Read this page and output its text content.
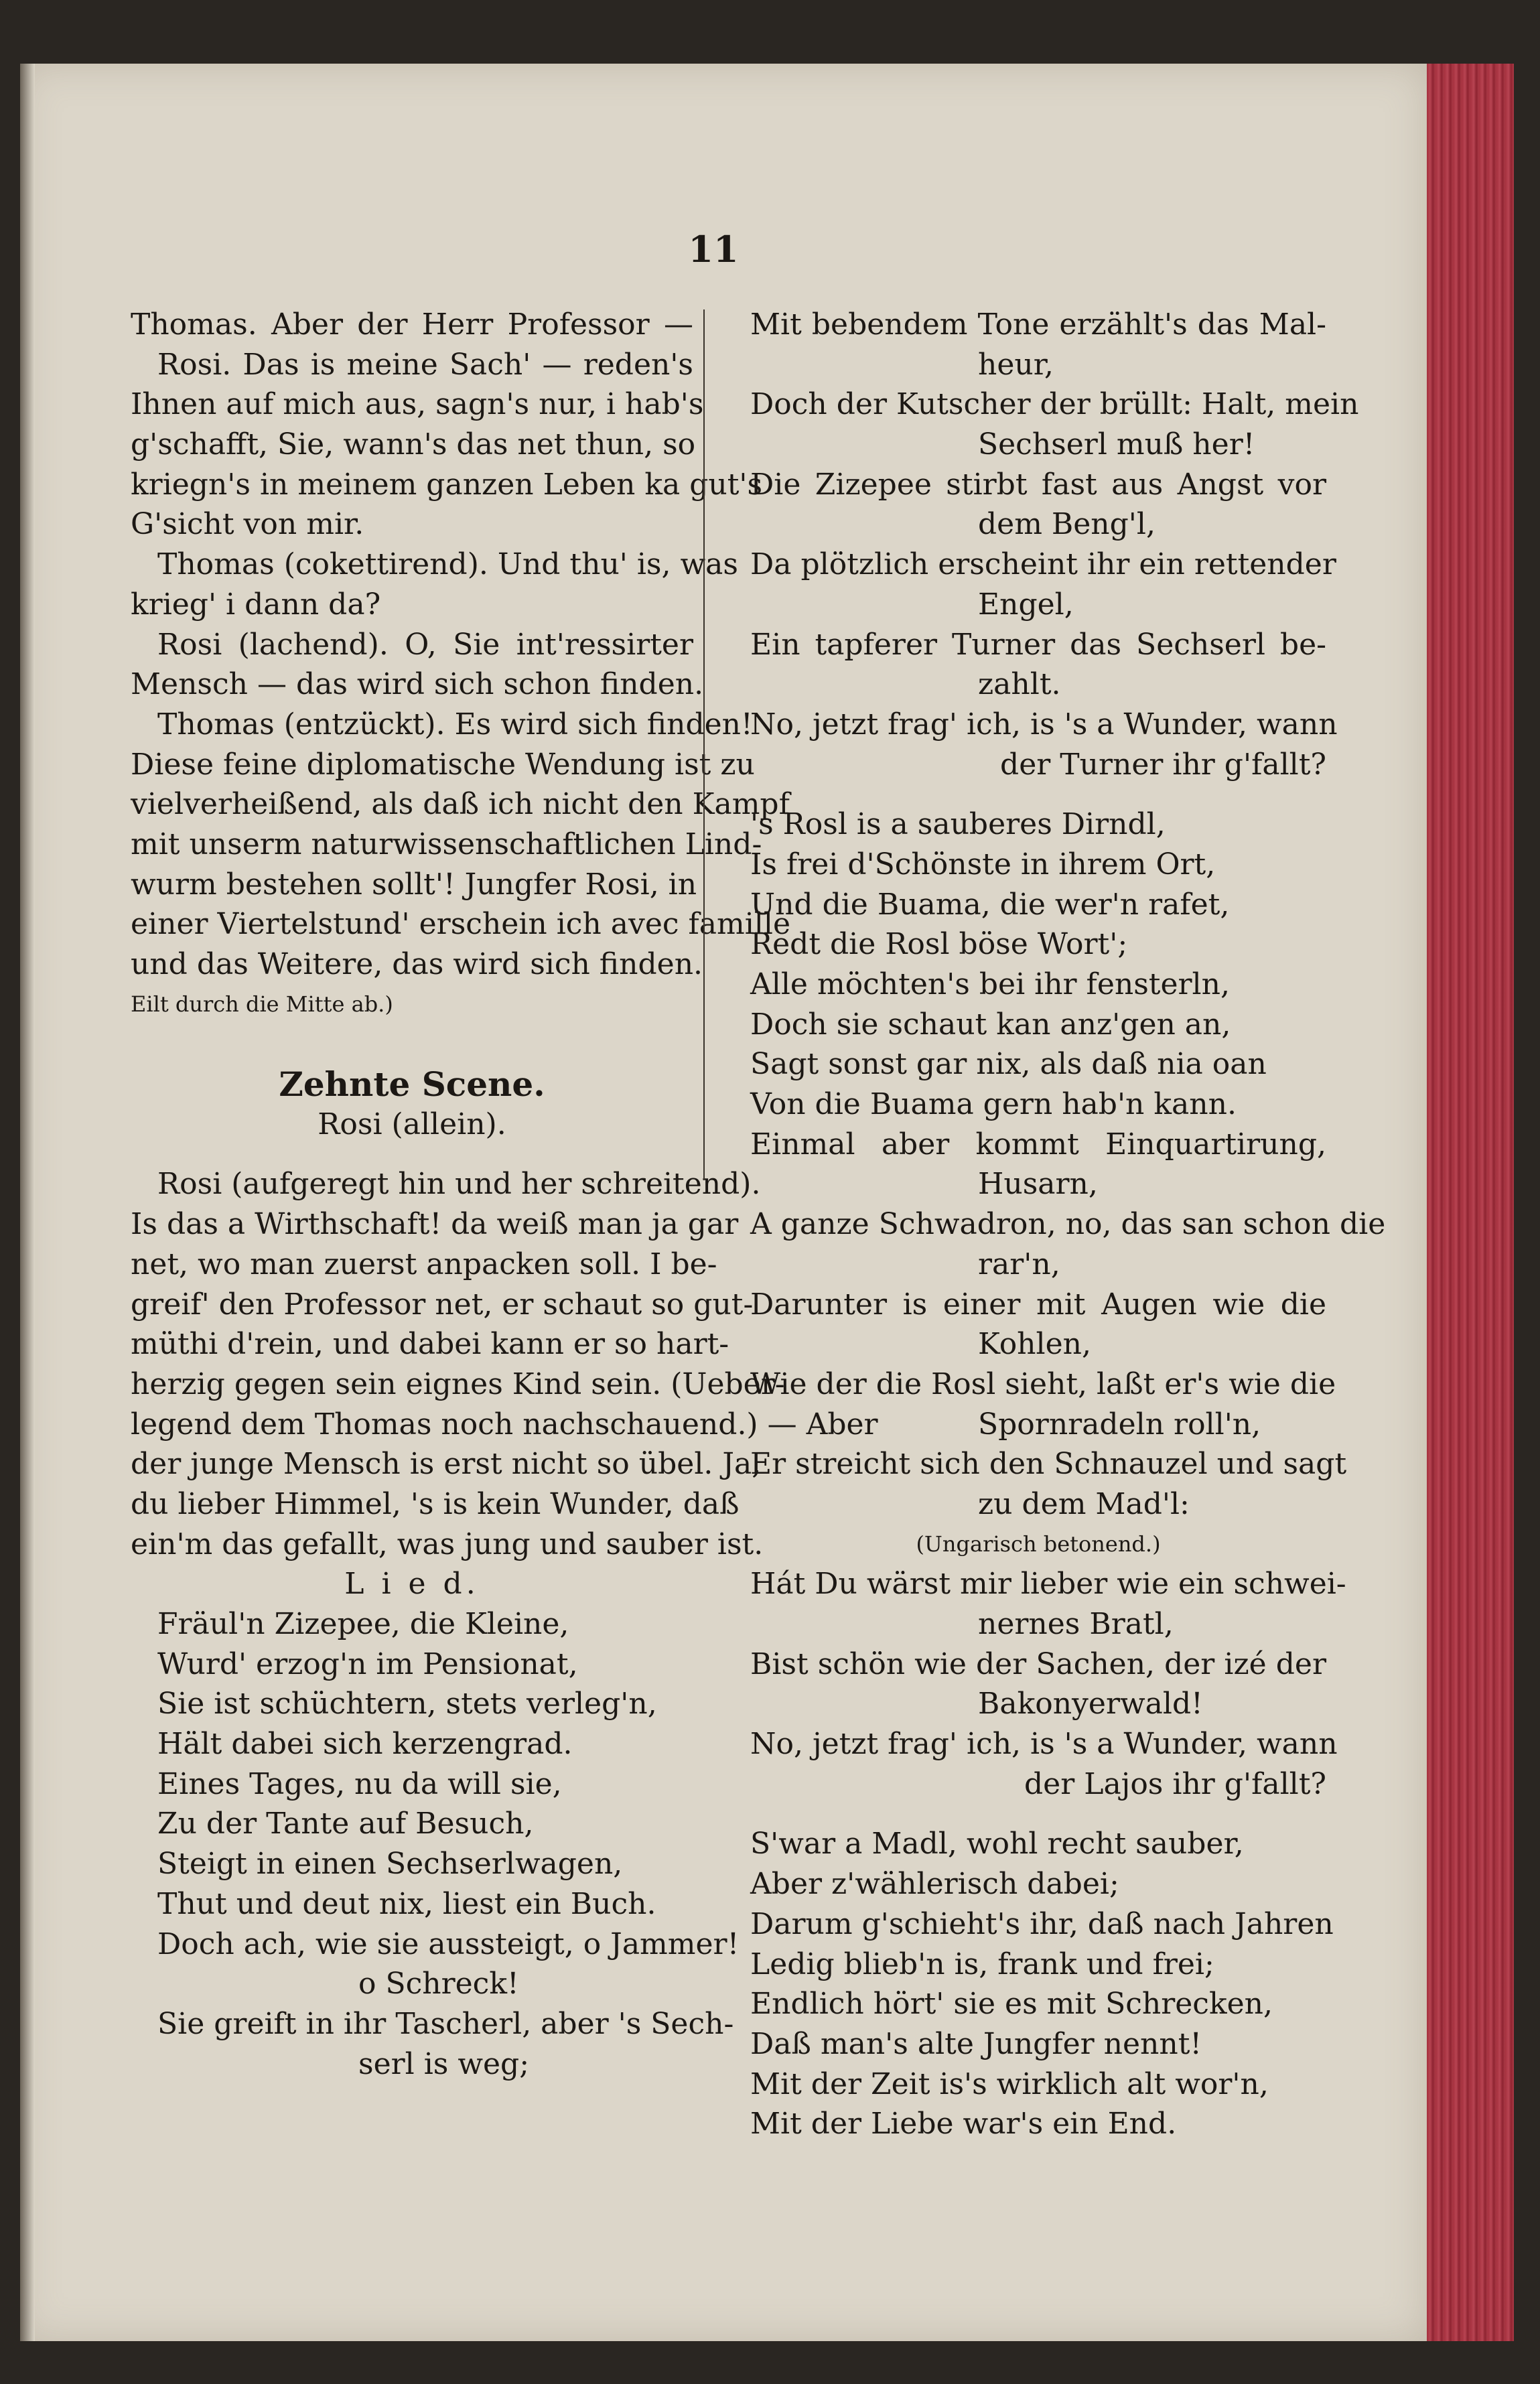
11
Thomas. Aber der Herr Professor —
Rosi. Das is meine Sach' — reden's
Ihnen auf mich aus, sagn's nur, i hab's
g'schafft, Sie, wann's das net thun, so
kriegn's in meinem ganzen Leben ka gut's
G'sicht von mir.
Thomas (cokettirend). Und thu' is, was
krieg' i dann da?
Rosi (lachend). O, Sie int'ressirter
Mensch — das wird sich schon finden.
Thomas (entzückt). Es wird sich finden!
Diese feine diplomatische Wendung ist zu
vielverheißend, als daß ich nicht den Kampf
mit unserm naturwissenschaftlichen Lind-
wurm bestehen sollt'! Jungfer Rosi, in
einer Viertelstund' erschein ich avec famille
und das Weitere, das wird sich finden.
Eilt durch die Mitte ab.)
Zehnte Scene.
Rosi (allein).
Rosi (aufgeregt hin und her schreitend).
Is das a Wirthschaft! da weiß man ja gar
net, wo man zuerst anpacken soll. I be-
greif' den Professor net, er schaut so gut-
müthi d'rein, und dabei kann er so hart-
herzig gegen sein eignes Kind sein. (Ueber-
legend dem Thomas noch nachschauend.) — Aber
der junge Mensch is erst nicht so übel. Ja,
du lieber Himmel, 's is kein Wunder, daß
ein'm das gefallt, was jung und sauber ist.
L i e d.
Fräul'n Zizepee, die Kleine,
Wurd' erzog'n im Pensionat,
Sie ist schüchtern, stets verleg'n,
Hält dabei sich kerzengrad.
Eines Tages, nu da will sie,
Zu der Tante auf Besuch,
Steigt in einen Sechserlwagen,
Thut und deut nix, liest ein Buch.
Doch ach, wie sie aussteigt, o Jammer!
o Schreck!
Sie greift in ihr Tascherl, aber 's Sech-
serl is weg;
Mit bebendem Tone erzählt's das Mal-
heur,
Doch der Kutscher der brüllt: Halt, mein
Sechserl muß her!
Die Zizepee stirbt fast aus Angst vor
dem Beng'l,
Da plötzlich erscheint ihr ein rettender
Engel,
Ein tapferer Turner das Sechserl be-
zahlt.
No, jetzt frag' ich, is 's a Wunder, wann
der Turner ihr g'fallt?
's Rosl is a sauberes Dirndl,
Is frei d'Schönste in ihrem Ort,
Und die Buama, die wer'n rafet,
Redt die Rosl böse Wort';
Alle möchten's bei ihr fensterln,
Doch sie schaut kan anz'gen an,
Sagt sonst gar nix, als daß nia oan
Von die Buama gern hab'n kann.
Einmal aber kommt Einquartirung,
Husarn,
A ganze Schwadron, no, das san schon die
rar'n,
Darunter is einer mit Augen wie die
Kohlen,
Wie der die Rosl sieht, laßt er's wie die
Spornradeln roll'n,
Er streicht sich den Schnauzel und sagt
zu dem Mad'l:
(Ungarisch betonend.)
Hát Du wärst mir lieber wie ein schwei-
nernes Bratl,
Bist schön wie der Sachen, der izé der
Bakonyerwald!
No, jetzt frag' ich, is 's a Wunder, wann
der Lajos ihr g'fallt?
S'war a Madl, wohl recht sauber,
Aber z'wählerisch dabei;
Darum g'schieht's ihr, daß nach Jahren
Ledig blieb'n is, frank und frei;
Endlich hört' sie es mit Schrecken,
Daß man's alte Jungfer nennt!
Mit der Zeit is's wirklich alt wor'n,
Mit der Liebe war's ein End.
